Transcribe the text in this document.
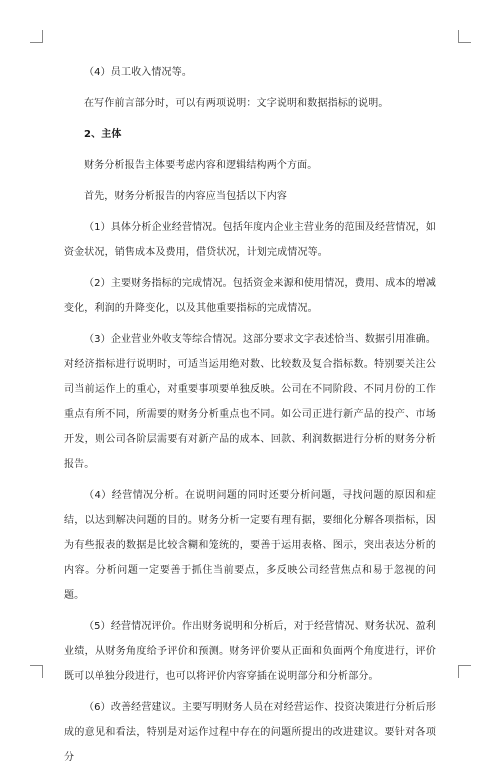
（4）员工收入情况等。

在写作前言部分时，可以有两项说明：文字说明和数据指标的说明。

2、主体

财务分析报告主体要考虑内容和逻辑结构两个方面。

首先，财务分析报告的内容应当包括以下内容

（1）具体分析企业经营情况。包括年度内企业主营业务的范围及经营情况，如资金状况，销售成本及费用，借贷状况，计划完成情况等。

（2）主要财务指标的完成情况。包括资金来源和使用情况，费用、成本的增减变化，利润的升降变化，以及其他重要指标的完成情况。

（3）企业营业外收支等综合情况。这部分要求文字表述恰当、数据引用准确。对经济指标进行说明时，可适当运用绝对数、比较数及复合指标数。特别要关注公司当前运作上的重心，对重要事项要单独反映。公司在不同阶段、不同月份的工作重点有所不同，所需要的财务分析重点也不同。如公司正进行新产品的投产、市场开发，则公司各阶层需要有对新产品的成本、回款、利润数据进行分析的财务分析报告。

（4）经营情况分析。在说明问题的同时还要分析问题，寻找问题的原因和症结，以达到解决问题的目的。财务分析一定要有理有据，要细化分解各项指标，因为有些报表的数据是比较含糊和笼统的，要善于运用表格、图示，突出表达分析的内容。分析问题一定要善于抓住当前要点，多反映公司经营焦点和易于忽视的问题。

（5）经营情况评价。作出财务说明和分析后，对于经营情况、财务状况、盈利业绩，从财务角度给予评价和预测。财务评价要从正面和负面两个角度进行，评价既可以单独分段进行，也可以将评价内容穿插在说明部分和分析部分。

（6）改善经营建议。主要写明财务人员在对经营运作、投资决策进行分析后形成的意见和看法，特别是对运作过程中存在的问题所提出的改进建议。要针对各项分
